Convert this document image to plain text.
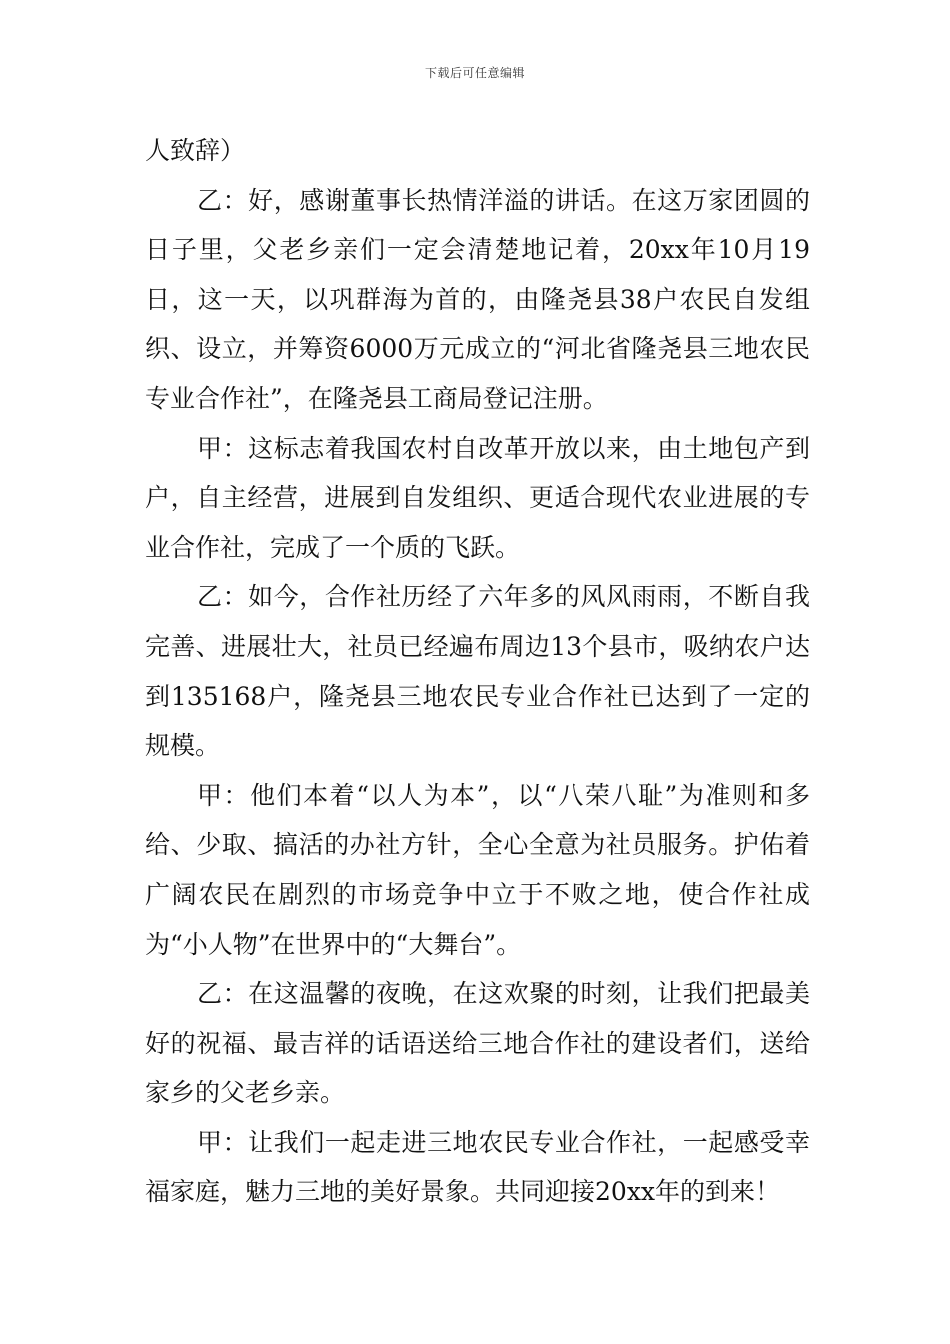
下载后可任意编辑

人致辞）

乙：好，感谢董事长热情洋溢的讲话。在这万家团圆的日子里，父老乡亲们一定会清楚地记着，20xx年10月19日，这一天，以巩群海为首的，由隆尧县38户农民自发组织、设立，并筹资6000万元成立的“河北省隆尧县三地农民专业合作社”，在隆尧县工商局登记注册。

甲：这标志着我国农村自改革开放以来，由土地包产到户，自主经营，进展到自发组织、更适合现代农业进展的专业合作社，完成了一个质的飞跃。

乙：如今，合作社历经了六年多的风风雨雨，不断自我完善、进展壮大，社员已经遍布周边13个县市，吸纳农户达到135168户，隆尧县三地农民专业合作社已达到了一定的规模。

甲：他们本着“以人为本”，以“八荣八耻”为准则和多给、少取、搞活的办社方针，全心全意为社员服务。护佑着广阔农民在剧烈的市场竞争中立于不败之地，使合作社成为“小人物”在世界中的“大舞台”。

乙：在这温馨的夜晚，在这欢聚的时刻，让我们把最美好的祝福、最吉祥的话语送给三地合作社的建设者们，送给家乡的父老乡亲。

甲：让我们一起走进三地农民专业合作社，一起感受幸福家庭，魅力三地的美好景象。共同迎接20xx年的到来！
